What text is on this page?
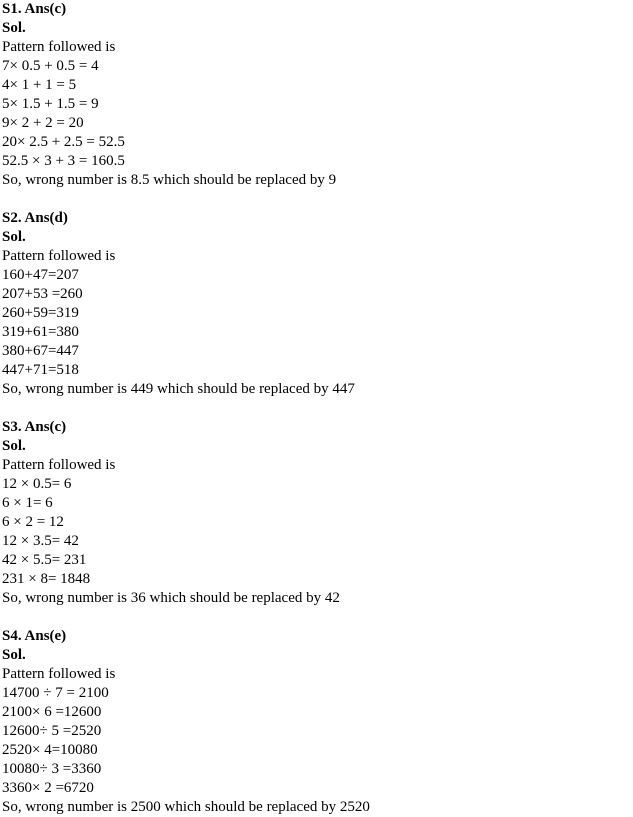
S1. Ans(c)
Sol.
Pattern followed is
7× 0.5 + 0.5 = 4
4× 1 + 1 = 5
5× 1.5 + 1.5 = 9
9× 2 + 2 = 20
20× 2.5 + 2.5 = 52.5
52.5 × 3 + 3 = 160.5
So, wrong number is 8.5 which should be replaced by 9
S2. Ans(d)
Sol.
Pattern followed is
160+47=207
207+53 =260
260+59=319
319+61=380
380+67=447
447+71=518
So, wrong number is 449 which should be replaced by 447
S3. Ans(c)
Sol.
Pattern followed is
12 × 0.5= 6
6 × 1= 6
6 × 2 = 12
12 × 3.5= 42
42 × 5.5= 231
231 × 8= 1848
So, wrong number is 36 which should be replaced by 42
S4. Ans(e)
Sol.
Pattern followed is
14700 ÷ 7 = 2100
2100× 6 =12600
12600÷ 5 =2520
2520× 4=10080
10080÷ 3 =3360
3360× 2 =6720
So, wrong number is 2500 which should be replaced by 2520
